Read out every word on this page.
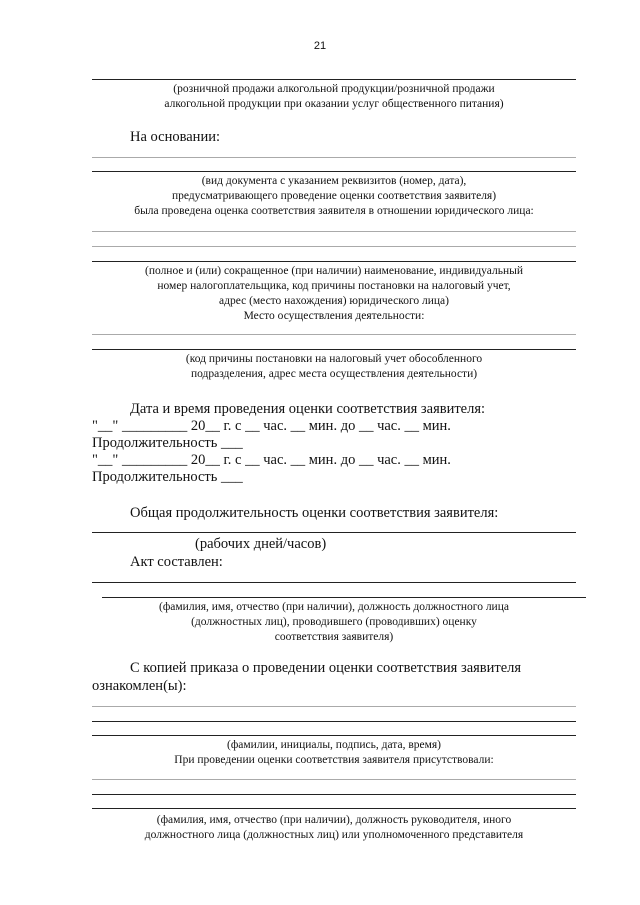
21
(розничной продажи алкогольной продукции/розничной продажи
алкогольной продукции при оказании услуг общественного питания)
На основании:
(вид документа с указанием реквизитов (номер, дата),
предусматривающего проведение оценки соответствия заявителя)
была проведена оценка соответствия заявителя в отношении юридического лица:
(полное и (или) сокращенное (при наличии) наименование, индивидуальный
номер налогоплательщика, код причины постановки на налоговый учет,
адрес (место нахождения) юридического лица)
Место осуществления деятельности:
(код причины постановки на налоговый учет обособленного
подразделения, адрес места осуществления деятельности)
Дата и время проведения оценки соответствия заявителя:
"__" _________ 20__ г. с __ час. __ мин. до __ час. __ мин.
Продолжительность ___
"__" _________ 20__ г. с __ час. __ мин. до __ час. __ мин.
Продолжительность ___
Общая продолжительность оценки соответствия заявителя:
(рабочих дней/часов)
Акт составлен:
(фамилия, имя, отчество (при наличии), должность должностного лица
(должностных лиц), проводившего (проводивших) оценку
соответствия заявителя)
С копией приказа о проведении оценки соответствия заявителя
ознакомлен(ы):
(фамилии, инициалы, подпись, дата, время)
При проведении оценки соответствия заявителя присутствовали:
(фамилия, имя, отчество (при наличии), должность руководителя, иного
должностного лица (должностных лиц) или уполномоченного представителя
